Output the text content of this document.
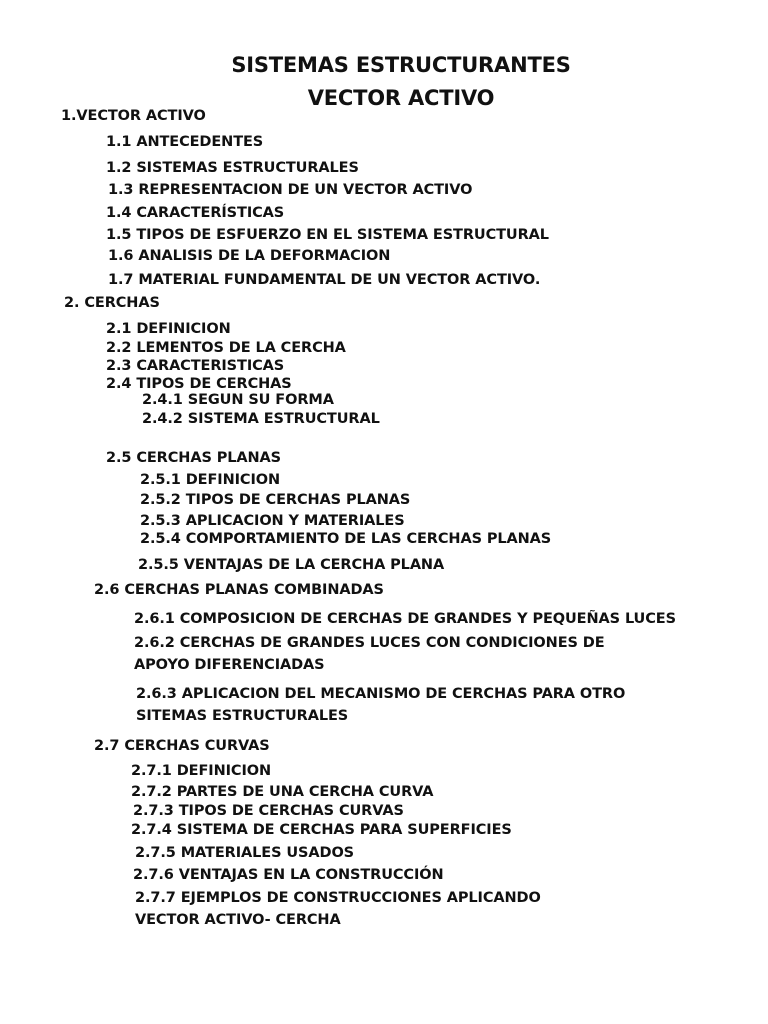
SISTEMAS ESTRUCTURANTES
VECTOR ACTIVO
1.VECTOR ACTIVO
1.1 ANTECEDENTES
1.2 SISTEMAS ESTRUCTURALES
1.3 REPRESENTACION DE UN VECTOR ACTIVO
1.4 CARACTERÍSTICAS
1.5 TIPOS DE ESFUERZO EN EL SISTEMA ESTRUCTURAL
1.6 ANALISIS DE LA DEFORMACION
1.7 MATERIAL FUNDAMENTAL DE UN VECTOR ACTIVO.
2. CERCHAS
2.1 DEFINICION
2.2 LEMENTOS DE LA CERCHA
2.3 CARACTERISTICAS
2.4 TIPOS DE CERCHAS
2.4.1 SEGUN SU FORMA
2.4.2 SISTEMA ESTRUCTURAL
2.5 CERCHAS PLANAS
2.5.1 DEFINICION
2.5.2 TIPOS DE CERCHAS PLANAS
2.5.3 APLICACION Y MATERIALES
2.5.4 COMPORTAMIENTO DE LAS CERCHAS PLANAS
2.5.5 VENTAJAS DE LA CERCHA PLANA
2.6 CERCHAS PLANAS COMBINADAS
2.6.1 COMPOSICION DE CERCHAS DE GRANDES Y PEQUEÑAS LUCES
2.6.2 CERCHAS DE GRANDES LUCES CON CONDICIONES DE APOYO DIFERENCIADAS
2.6.3 APLICACION DEL MECANISMO DE CERCHAS PARA OTRO SITEMAS ESTRUCTURALES
2.7 CERCHAS CURVAS
2.7.1 DEFINICION
2.7.2 PARTES DE UNA CERCHA CURVA
2.7.3 TIPOS DE CERCHAS CURVAS
2.7.4 SISTEMA DE CERCHAS PARA SUPERFICIES
2.7.5 MATERIALES USADOS
2.7.6 VENTAJAS EN LA CONSTRUCCIÓN
2.7.7 EJEMPLOS DE CONSTRUCCIONES APLICANDO VECTOR ACTIVO- CERCHA
